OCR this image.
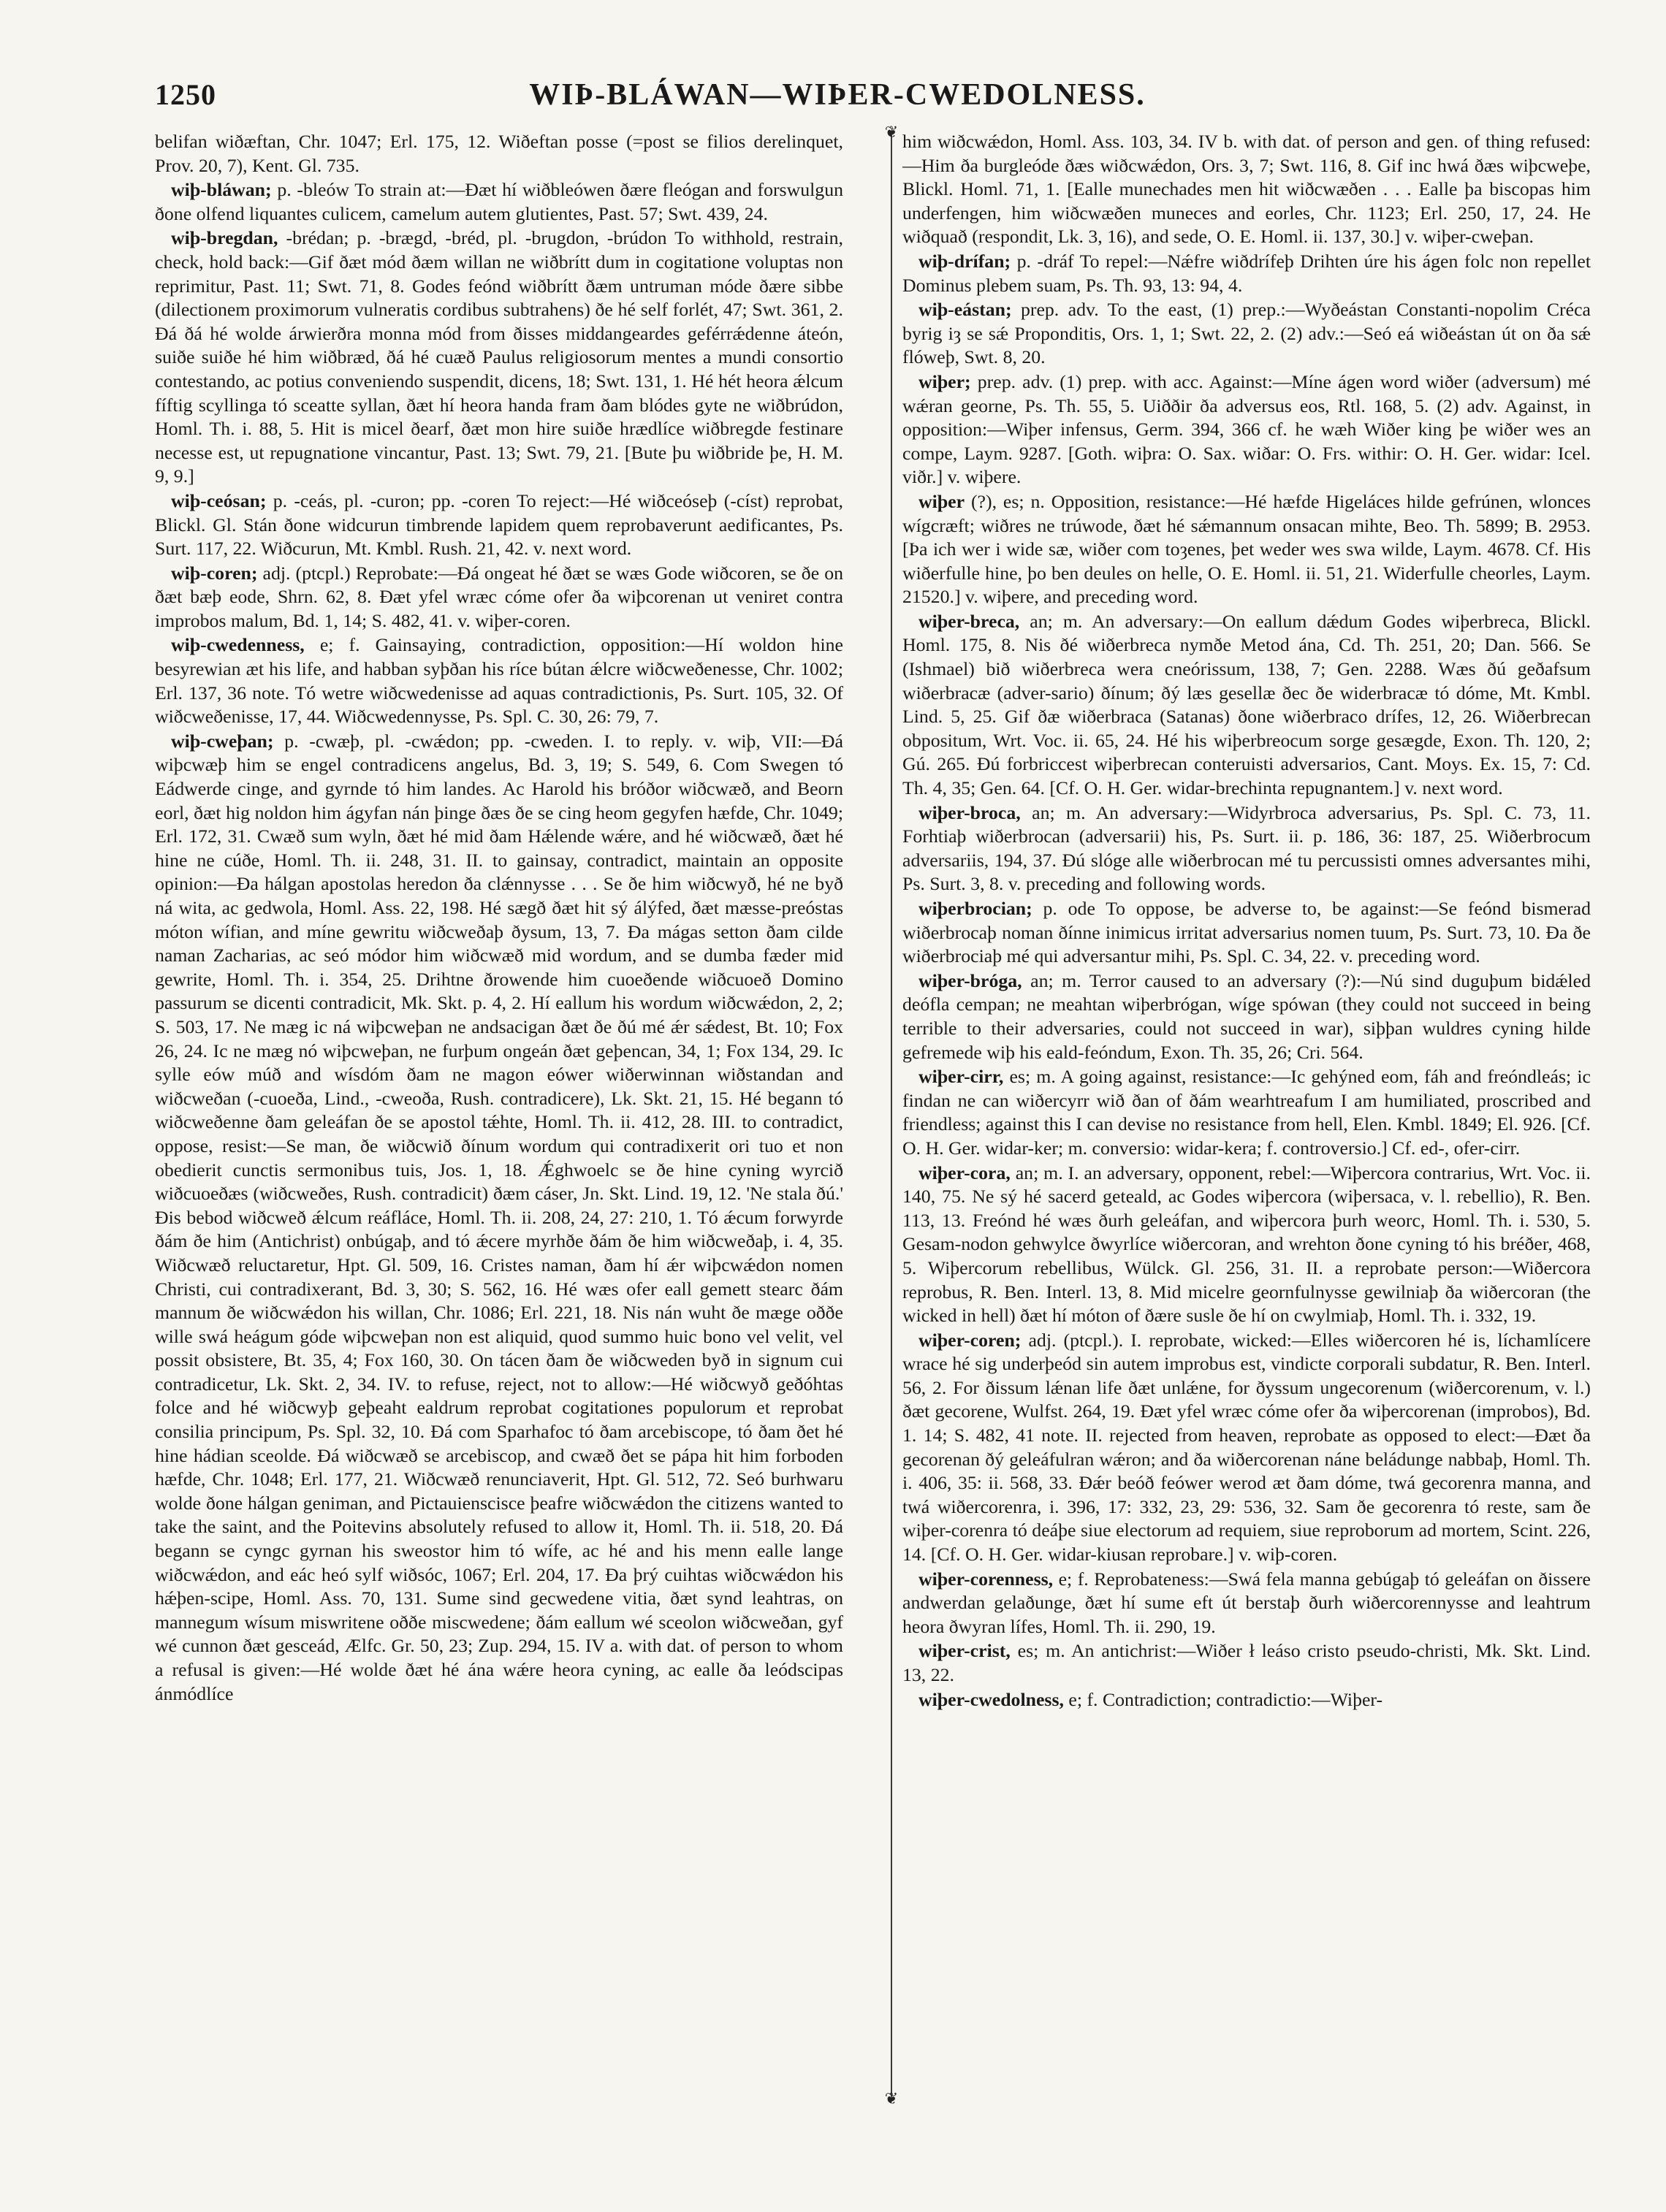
1250	WIÞ-BLÁWAN—WIÞER-CWEDOLNESS.

belifan wiðæftan, Chr. 1047; Erl. 175, 12. Wiðeftan posse (=post se filios derelinquet, Prov. 20, 7), Kent. Gl. 735.

wiþ-bláwan; p. -bleów To strain at:—Ðæt hí wiðbleówen ðære fleógan and forswulgun ðone olfend liquantes culicem, camelum autem glutientes, Past. 57; Swt. 439, 24.

wiþ-bregdan, -brédan; p. -brægd, -bréd, pl. -brugdon, -brúdon To withhold, restrain, check, hold back:—Gif ðæt mód ðæm willan ne wiðbrítt dum in cogitatione voluptas non reprimitur, Past. 11; Swt. 71, 8. Godes feónd wiðbrítt ðæm untruman móde ðære sibbe (dilectionem proximorum vulneratis cordibus subtrahens) ðe hé self forlét, 47; Swt. 361, 2. Ðá ðá hé wolde árwierðra monna mód from ðisses middangeardes geférrǽdenne áteón, suiðe suiðe hé him wiðbræd, ðá hé cuæð Paulus religiosorum mentes a mundi consortio contestando, ac potius conveniendo suspendit, dicens, 18; Swt. 131, 1. Hé hét heora ǽlcum fíftig scyllinga tó sceatte syllan, ðæt hí heora handa fram ðam blódes gyte ne wiðbrúdon, Homl. Th. i. 88, 5. Hit is micel ðearf, ðæt mon hire suiðe hrædlíce wiðbregde festinare necesse est, ut repugnatione vincantur, Past. 13; Swt. 79, 21. [Bute þu wiðbride þe, H. M. 9, 9.]

wiþ-ceósan; p. -ceás, pl. -curon; pp. -coren To reject:—Hé wiðceóseþ (-císt) reprobat, Blickl. Gl. Stán ðone widcurun timbrende lapidem quem reprobaverunt aedificantes, Ps. Surt. 117, 22. Wiðcurun, Mt. Kmbl. Rush. 21, 42. v. next word.

wiþ-coren; adj. (ptcpl.) Reprobate:—Ðá ongeat hé ðæt se wæs Gode wiðcoren, se ðe on ðæt bæþ eode, Shrn. 62, 8. Ðæt yfel wræc cóme ofer ða wiþcorenan ut veniret contra improbos malum, Bd. 1, 14; S. 482, 41. v. wiþer-coren.

wiþ-cwedenness, e; f. Gainsaying, contradiction, opposition:—Hí woldon hine besyrewian æt his life, and habban syþðan his ríce bútan ǽlcre wiðcweðenesse, Chr. 1002; Erl. 137, 36 note. Tó wetre wiðcwedenisse ad aquas contradictionis, Ps. Surt. 105, 32. Of wiðcweðenisse, 17, 44. Wiðcwedennysse, Ps. Spl. C. 30, 26: 79, 7.

wiþ-cweþan; p. -cwæþ, pl. -cwǽdon; pp. -cweden. I. to reply. v. wiþ, VII:—Ðá wiþcwæþ him se engel contradicens angelus, Bd. 3, 19; S. 549, 6. Com Swegen tó Eádwerde cinge, and gyrnde tó him landes. Ac Harold his bróðor wiðcwæð, and Beorn eorl, ðæt hig noldon him ágyfan nán þinge ðæs ðe se cing heom gegyfen hæfde, Chr. 1049; Erl. 172, 31. Cwæð sum wyln, ðæt hé mid ðam Hǽlende wǽre, and hé wiðcwæð, ðæt hé hine ne cúðe, Homl. Th. ii. 248, 31. II. to gainsay, contradict, maintain an opposite opinion:—Ða hálgan apostolas heredon ða clǽnnysse . . . Se ðe him wiðcwyð, hé ne byð ná wita, ac gedwola, Homl. Ass. 22, 198. Hé sægð ðæt hit sý álýfed, ðæt mæsse-preóstas móton wífian, and míne gewritu wiðcweðaþ ðysum, 13, 7. Ða mágas setton ðam cilde naman Zacharias, ac seó módor him wiðcwæð mid wordum, and se dumba fæder mid gewrite, Homl. Th. i. 354, 25. Drihtne ðrowende him cuoeðende wiðcuoeð Domino passurum se dicenti contradicit, Mk. Skt. p. 4, 2. Hí eallum his wordum wiðcwǽdon, 2, 2; S. 503, 17. Ne mæg ic ná wiþcweþan ne andsacigan ðæt ðe ðú mé ǽr sǽdest, Bt. 10; Fox 26, 24. Ic ne mæg nó wiþcweþan, ne furþum ongeán ðæt geþencan, 34, 1; Fox 134, 29. Ic sylle eów múð and wísdóm ðam ne magon eówer wiðerwinnan wiðstandan and wiðcweðan (-cuoeða, Lind., -cweoða, Rush. contradicere), Lk. Skt. 21, 15. Hé begann tó wiðcweðenne ðam geleáfan ðe se apostol tǽhte, Homl. Th. ii. 412, 28. III. to contradict, oppose, resist:—Se man, ðe wiðcwið ðínum wordum qui contradixerit ori tuo et non obedierit cunctis sermonibus tuis, Jos. 1, 18. Ǽghwoelc se ðe hine cyning wyrcið wiðcuoeðæs (wiðcweðes, Rush. contradicit) ðæm cáser, Jn. Skt. Lind. 19, 12. 'Ne stala ðú.' Ðis bebod wiðcweð ǽlcum reáfláce, Homl. Th. ii. 208, 24, 27: 210, 1. Tó ǽcum forwyrde ðám ðe him (Antichrist) onbúgaþ, and tó ǽcere myrhðe ðám ðe him wiðcweðaþ, i. 4, 35. Wiðcwæð reluctaretur, Hpt. Gl. 509, 16. Cristes naman, ðam hí ǽr wiþcwǽdon nomen Christi, cui contradixerant, Bd. 3, 30; S. 562, 16. Hé wæs ofer eall gemett stearc ðám mannum ðe wiðcwǽdon his willan, Chr. 1086; Erl. 221, 18. Nis nán wuht ðe mæge oððe wille swá heágum góde wiþcweþan non est aliquid, quod summo huic bono vel velit, vel possit obsistere, Bt. 35, 4; Fox 160, 30. On tácen ðam ðe wiðcweden byð in signum cui contradicetur, Lk. Skt. 2, 34. IV. to refuse, reject, not to allow:—Hé wiðcwyð geðóhtas folce and hé wiðcwyþ geþeaht ealdrum reprobat cogitationes populorum et reprobat consilia principum, Ps. Spl. 32, 10. Ðá com Sparhafoc tó ðam arcebiscope, tó ðam ðet hé hine hádian sceolde. Ðá wiðcwæð se arcebiscop, and cwæð ðet se pápa hit him forboden hæfde, Chr. 1048; Erl. 177, 21. Wiðcwæð renunciaverit, Hpt. Gl. 512, 72. Seó burhwaru wolde ðone hálgan geniman, and Pictauiensciscе þeafrе wiðcwǽdon the citizens wanted to take the saint, and the Poitevins absolutely refused to allow it, Homl. Th. ii. 518, 20. Ðá begann se cyngc gyrnan his sweostor him tó wífe, ac hé and his menn ealle lange wiðcwǽdon, and eác heó sylf wiðsóc, 1067; Erl. 204, 17. Ða þrý cuihtas wiðcwǽdon his hǽþen-scipe, Homl. Ass. 70, 131. Sume sind gecwedene vitia, ðæt synd leahtras, on mannegum wísum miswritene oððe miscwedene; ðám eallum wé sceolon wiðcweðan, gyf wé cunnon ðæt gesceád, Ælfc. Gr. 50, 23; Zup. 294, 15. IV a. with dat. of person to whom a refusal is given:—Hé wolde ðæt hé ána wǽre heora cyning, ac ealle ða leódscipas ánmódlíce

❦
❦

him wiðcwǽdon, Homl. Ass. 103, 34. IV b. with dat. of person and gen. of thing refused:—Him ða burgleóde ðæs wiðcwǽdon, Ors. 3, 7; Swt. 116, 8. Gif inc hwá ðæs wiþcweþe, Blickl. Homl. 71, 1. [Ealle munechades men hit wiðcwæðen . . . Ealle þa biscopas him underfengen, him wiðcwæðen muneces and eorles, Chr. 1123; Erl. 250, 17, 24. He wiðquað (respondit, Lk. 3, 16), and sede, O. E. Homl. ii. 137, 30.] v. wiþer-cweþan.

wiþ-drífan; p. -dráf To repel:—Nǽfre wiðdrífeþ Drihten úre his ágen folc non repellet Dominus plebem suam, Ps. Th. 93, 13: 94, 4.

wiþ-eástan; prep. adv. To the east, (1) prep.:—Wyðeástan Constanti-nopolim Créca byrig iȝ se sǽ Proponditis, Ors. 1, 1; Swt. 22, 2. (2) adv.:—Seó eá wiðeástan út on ða sǽ flóweþ, Swt. 8, 20.

wiþer; prep. adv. (1) prep. with acc. Against:—Míne ágen word wiðer (adversum) mé wǽran georne, Ps. Th. 55, 5. Uiððir ða adversus eos, Rtl. 168, 5. (2) adv. Against, in opposition:—Wiþer infensus, Germ. 394, 366 cf. he wæh Wiðer king þe wiðer wes an compe, Laym. 9287. [Goth. wiþra: O. Sax. wiðar: O. Frs. withir: O. H. Ger. widar: Icel. viðr.] v. wiþere.

wiþer (?), es; n. Opposition, resistance:—Hé hæfde Higeláces hilde gefrúnen, wlonces wígcræft; wiðres ne trúwode, ðæt hé sǽmannum onsacan mihte, Beo. Th. 5899; B. 2953. [Þa ich wer i wide sæ, wiðer com toȝenes, þet weder wes swa wilde, Laym. 4678. Cf. His wiðerfulle hine, þo ben deules on helle, O. E. Homl. ii. 51, 21. Widerfulle cheorles, Laym. 21520.] v. wiþere, and preceding word.

wiþer-breca, an; m. An adversary:—On eallum dǽdum Godes wiþerbreca, Blickl. Homl. 175, 8. Nis ðé wiðerbreca nymðe Metod ána, Cd. Th. 251, 20; Dan. 566. Se (Ishmael) bið wiðerbreca wera cneórissum, 138, 7; Gen. 2288. Wæs ðú geðafsum wiðerbracæ (adver-sario) ðínum; ðý læs gesellæ ðec ðe widerbracæ tó dóme, Mt. Kmbl. Lind. 5, 25. Gif ðæ wiðerbraca (Satanas) ðone wiðerbraco drífes, 12, 26. Wiðerbrecan obpositum, Wrt. Voc. ii. 65, 24. Hé his wiþerbreocum sorge gesægde, Exon. Th. 120, 2; Gú. 265. Ðú forbriccest wiþerbrecan conteruisti adversarios, Cant. Moys. Ex. 15, 7: Cd. Th. 4, 35; Gen. 64. [Cf. O. H. Ger. widar-brechinta repugnantem.] v. next word.

wiþer-broca, an; m. An adversary:—Widyrbroca adversarius, Ps. Spl. C. 73, 11. Forhtiaþ wiðerbrocan (adversarii) his, Ps. Surt. ii. p. 186, 36: 187, 25. Wiðerbrocum adversariis, 194, 37. Ðú slóge alle wiðerbrocan mé tu percussisti omnes adversantes mihi, Ps. Surt. 3, 8. v. preceding and following words.

wiþerbrocian; p. ode To oppose, be adverse to, be against:—Se feónd bismerad wiðerbrocaþ noman ðínne inimicus irritat adversarius nomen tuum, Ps. Surt. 73, 10. Ða ðe wiðerbrociaþ mé qui adversantur mihi, Ps. Spl. C. 34, 22. v. preceding word.

wiþer-bróga, an; m. Terror caused to an adversary (?):—Nú sind duguþum bidǽled deófla cempan; ne meahtan wiþerbrógan, wíge spówan (they could not succeed in being terrible to their adversaries, could not succeed in war), siþþan wuldres cyning hilde gefremede wiþ his eald-feóndum, Exon. Th. 35, 26; Cri. 564.

wiþer-cirr, es; m. A going against, resistance:—Ic gehýned eom, fáh and freóndleás; ic findan ne can wiðercyrr wið ðan of ðám wearhtreafum I am humiliated, proscribed and friendless; against this I can devise no resistance from hell, Elen. Kmbl. 1849; El. 926. [Cf. O. H. Ger. widar-ker; m. conversio: widar-kera; f. controversio.] Cf. ed-, ofer-cirr.

wiþer-cora, an; m. I. an adversary, opponent, rebel:—Wiþercora contrarius, Wrt. Voc. ii. 140, 75. Ne sý hé sacerd geteald, ac Godes wiþercora (wiþersaca, v. l. rebellio), R. Ben. 113, 13. Freónd hé wæs ðurh geleáfan, and wiþercora þurh weorc, Homl. Th. i. 530, 5. Gesam-nodon gehwylce ðwyrlíce wiðercoran, and wrehton ðone cyning tó his bréðer, 468, 5. Wiþercorum rebellibus, Wülck. Gl. 256, 31. II. a reprobate person:—Wiðercora reprobus, R. Ben. Interl. 13, 8. Mid micelre geornfulnysse gewilniaþ ða wiðercoran (the wicked in hell) ðæt hí móton of ðære susle ðe hí on cwylmiaþ, Homl. Th. i. 332, 19.

wiþer-coren; adj. (ptcpl.). I. reprobate, wicked:—Elles wiðercoren hé is, líchamlícere wrace hé sig underþeód sin autem improbus est, vindicte corporali subdatur, R. Ben. Interl. 56, 2. For ðissum lǽnan life ðæt unlǽne, for ðyssum ungecorenum (wiðercorenum, v. l.) ðæt gecorene, Wulfst. 264, 19. Ðæt yfel wræc cóme ofer ða wiþercorenan (improbos), Bd. 1. 14; S. 482, 41 note. II. rejected from heaven, reprobate as opposed to elect:—Ðæt ða gecorenan ðý geleáfulran wǽron; and ða wiðercorenan náne beládunge nabbaþ, Homl. Th. i. 406, 35: ii. 568, 33. Ðǽr beóð feówer werod æt ðam dóme, twá gecorenra manna, and twá wiðercorenra, i. 396, 17: 332, 23, 29: 536, 32. Sam ðe gecorenra tó reste, sam ðe wiþer-corenra tó deáþe siue electorum ad requiem, siue reproborum ad mortem, Scint. 226, 14. [Cf. O. H. Ger. widar-kiusan reprobare.] v. wiþ-coren.

wiþer-corenness, e; f. Reprobateness:—Swá fela manna gebúgaþ tó geleáfan on ðissere andwerdan gelaðunge, ðæt hí sume eft út berstaþ ðurh wiðercorennysse and leahtrum heora ðwyran lífes, Homl. Th. ii. 290, 19.

wiþer-crist, es; m. An antichrist:—Wiðer ł leáso cristo pseudo-christi, Mk. Skt. Lind. 13, 22.

wiþer-cwedolness, e; f. Contradiction; contradictio:—Wiþer-
